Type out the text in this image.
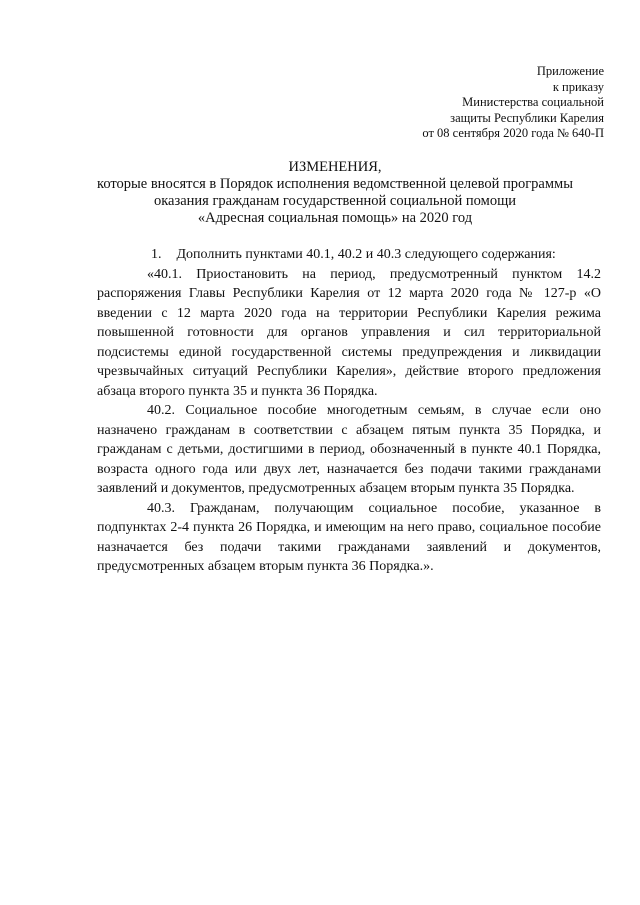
Приложение
к приказу
Министерства социальной
защиты Республики Карелия
от 08 сентября 2020 года № 640-П
ИЗМЕНЕНИЯ,
которые вносятся в Порядок исполнения ведомственной целевой программы
оказания гражданам государственной социальной помощи
«Адресная социальная помощь» на 2020 год

1. Дополнить пунктами 40.1, 40.2 и 40.3 следующего содержания:

«40.1. Приостановить на период, предусмотренный пунктом 14.2 распоряжения Главы Республики Карелия от 12 марта 2020 года № 127-р «О введении с 12 марта 2020 года на территории Республики Карелия режима повышенной готовности для органов управления и сил территориальной подсистемы единой государственной системы предупреждения и ликвидации чрезвычайных ситуаций Республики Карелия», действие второго предложения абзаца второго пункта 35 и пункта 36 Порядка.

40.2. Социальное пособие многодетным семьям, в случае если оно назначено гражданам в соответствии с абзацем пятым пункта 35 Порядка, и гражданам с детьми, достигшими в период, обозначенный в пункте 40.1 Порядка, возраста одного года или двух лет, назначается без подачи такими гражданами заявлений и документов, предусмотренных абзацем вторым пункта 35 Порядка.

40.3. Гражданам, получающим социальное пособие, указанное в подпунктах 2-4 пункта 26 Порядка, и имеющим на него право, социальное пособие назначается без подачи такими гражданами заявлений и документов, предусмотренных абзацем вторым пункта 36 Порядка.».
